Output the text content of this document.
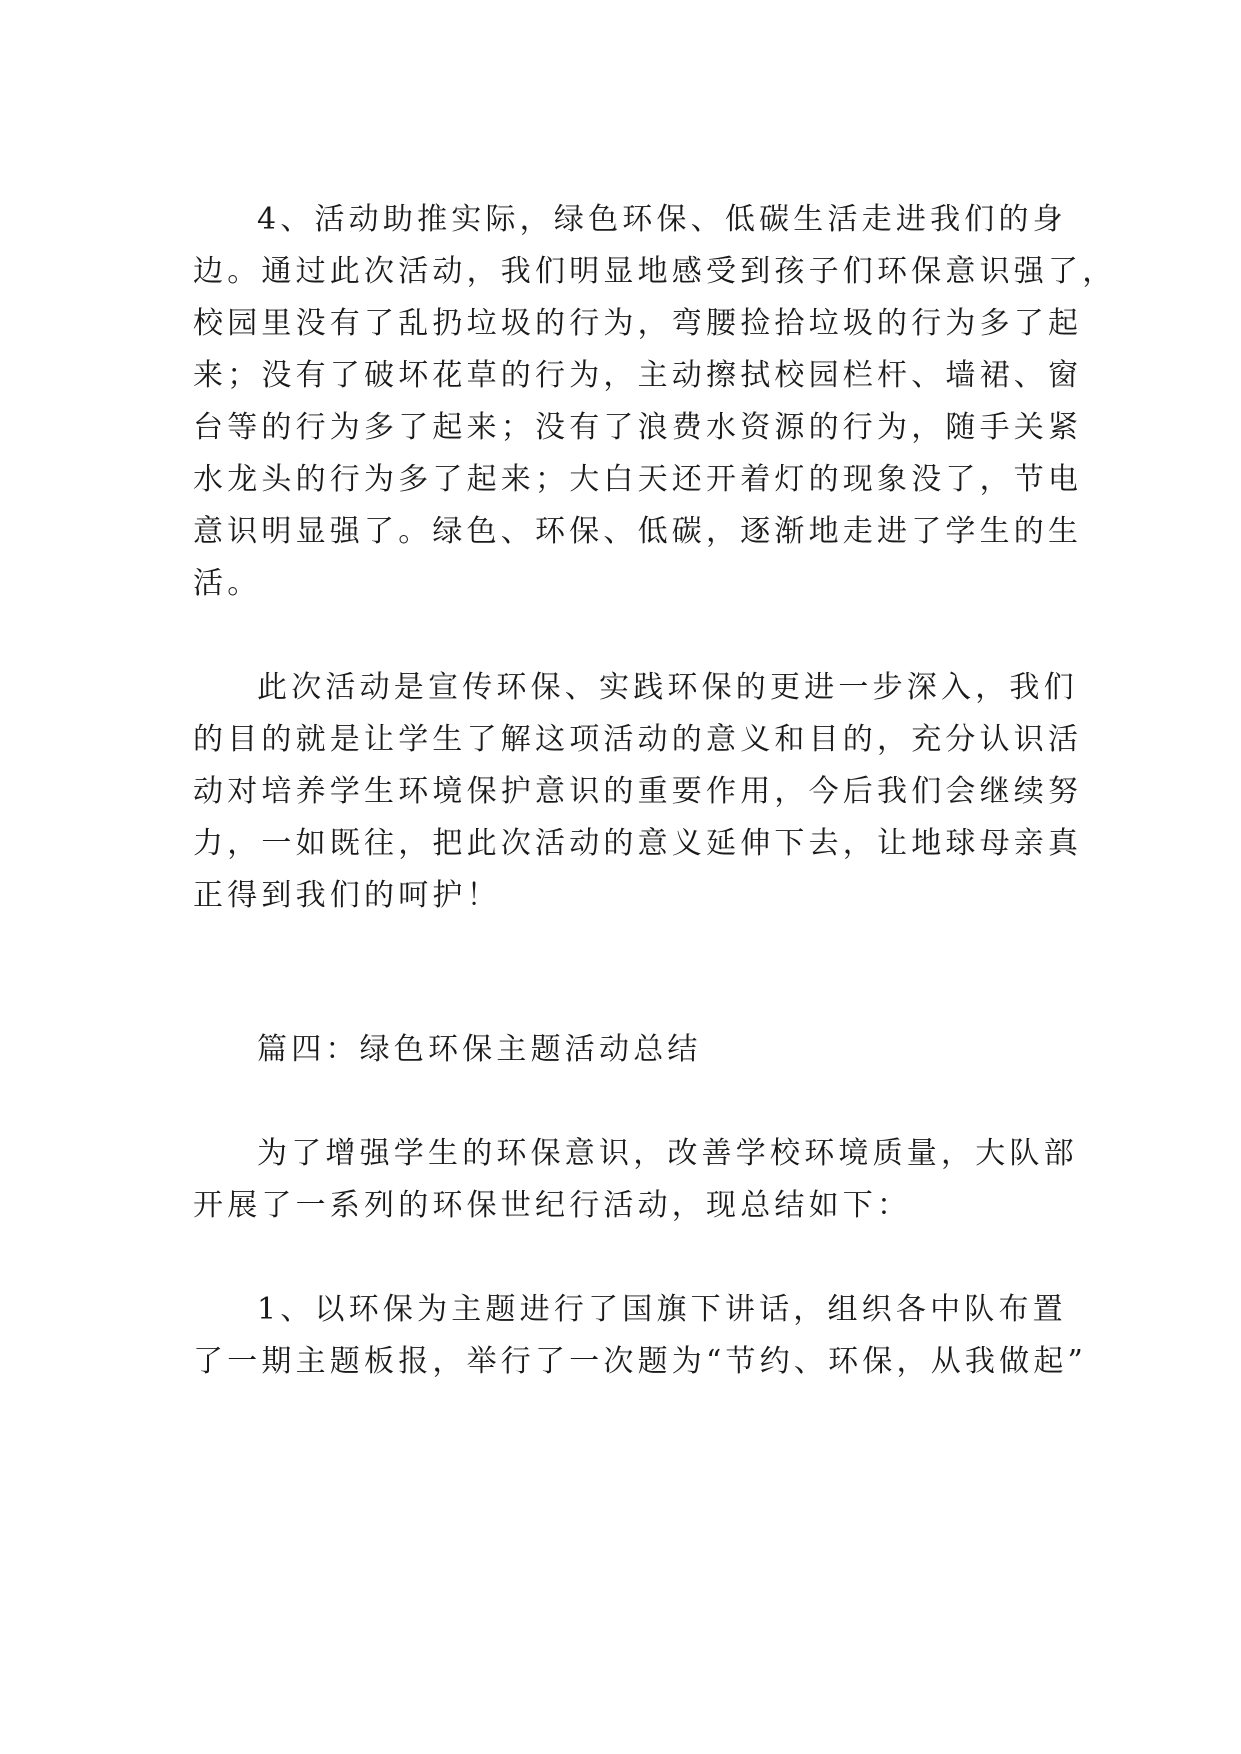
4、活动助推实际，绿色环保、低碳生活走进我们的身
边。通过此次活动，我们明显地感受到孩子们环保意识强了，
校园里没有了乱扔垃圾的行为，弯腰捡拾垃圾的行为多了起
来；没有了破坏花草的行为，主动擦拭校园栏杆、墙裙、窗
台等的行为多了起来；没有了浪费水资源的行为，随手关紧
水龙头的行为多了起来；大白天还开着灯的现象没了，节电
意识明显强了。绿色、环保、低碳，逐渐地走进了学生的生
活。
此次活动是宣传环保、实践环保的更进一步深入，我们
的目的就是让学生了解这项活动的意义和目的，充分认识活
动对培养学生环境保护意识的重要作用，今后我们会继续努
力，一如既往，把此次活动的意义延伸下去，让地球母亲真
正得到我们的呵护！
篇四：绿色环保主题活动总结
为了增强学生的环保意识，改善学校环境质量，大队部
开展了一系列的环保世纪行活动，现总结如下：
1、以环保为主题进行了国旗下讲话，组织各中队布置
了一期主题板报，举行了一次题为“节约、环保，从我做起”
